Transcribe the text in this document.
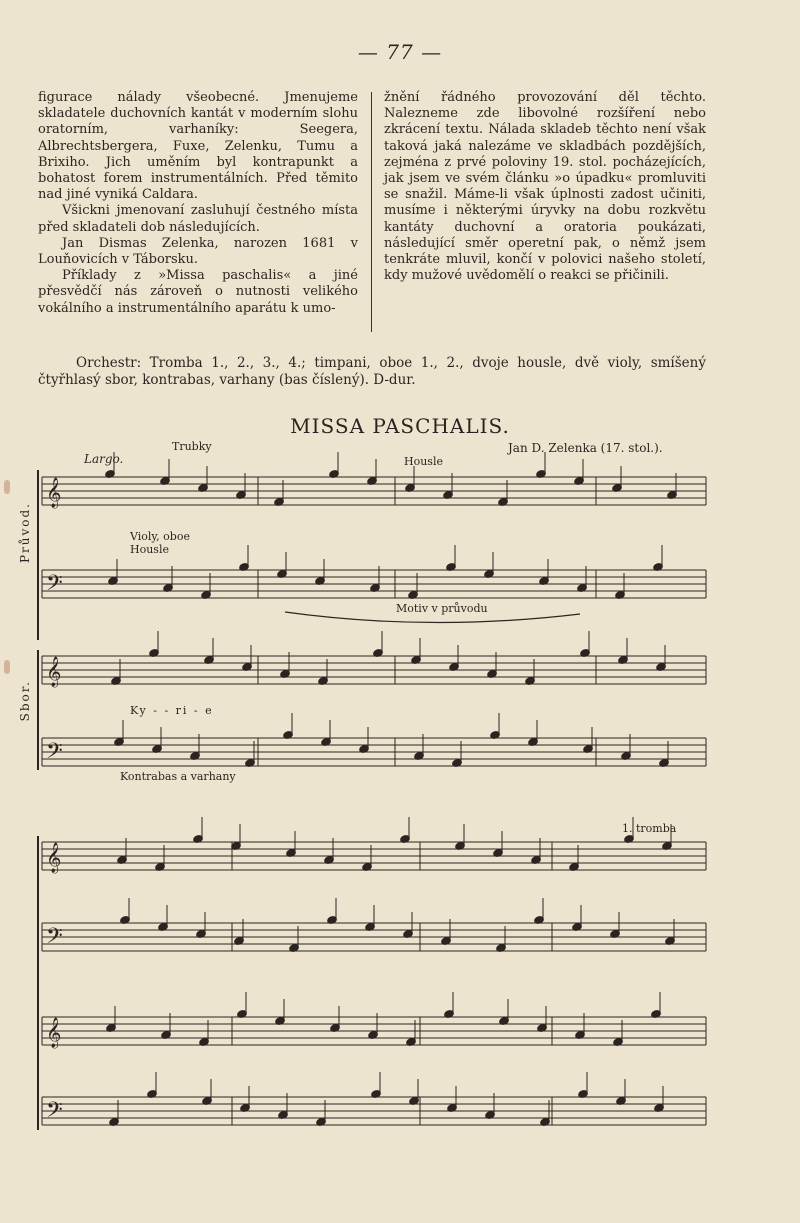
— 77 —

figurace nálady všeobecné. Jmenujeme skladatele duchovních kantát v moderním slohu oratorním, varhaníky: Seegera, Albrechtsbergera, Fuxe, Zelenku, Tumu a Brixiho. Jich uměním byl kontrapunkt a bohatost forem instrumentálních. Před těmito nad jiné vyniká Caldara.

Všickni jmenovaní zasluhují čestného místa před skladateli dob následujících.

Jan Dismas Zelenka, narozen 1681 v Louňovicích v Táborsku.

Příklady z »Missa paschalis« a jiné přesvědčí nás zároveň o nutnosti velikého vokálního a instrumentálního aparátu k umo-

žnění řádného provozování děl těchto. Nalezneme zde libovolné rozšíření nebo zkrácení textu. Nálada skladeb těchto není však taková jaká nalezáme ve skladbách pozdějších, zejména z prvé poloviny 19. stol. pocházejících, jak jsem ve svém článku »o úpadku« promluviti se snažil. Máme-li však úplnosti zadost učiniti, musíme i některými úryvky na dobu rozkvětu kantáty duchovní a oratoria poukázati, následující směr operetní pak, o němž jsem tenkráte mluvil, končí v polovici našeho století, kdy mužové uvědomělí o reakci se přičinili.

Orchestr: Tromba 1., 2., 3., 4.; timpani, oboe 1., 2., dvoje housle, dvě violy, smíšený čtyřhlasý sbor, kontrabas, varhany (bas číslený). D-dur.
MISSA PASCHALIS.
Jan D. Zelenka (17. stol.).
Largo.
Trubky
Housle
Violy, oboe
Housle
Motiv v průvodu
Ky - - ri - e
Kontrabas a varhany
1. tromba
Průvod.
Sbor.
𝄞
𝄢
𝄞
𝄢
𝄞
𝄢
𝄞
𝄢
